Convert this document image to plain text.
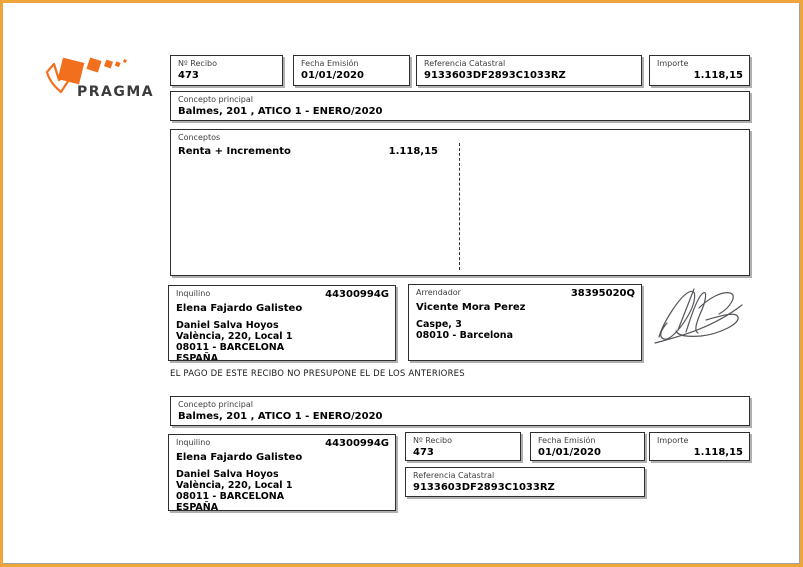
PRAGMA
Nº Recibo
473
Fecha Emisión
01/01/2020
Referencia Catastral
9133603DF2893C1033RZ
Importe
1.118,15
Concepto principal
Balmes, 201 , ATICO 1 - ENERO/2020
Conceptos
Renta + Incremento	1.118,15
Inquilino	44300994G
Elena Fajardo Galisteo
Daniel Salva Hoyos
València, 220, Local 1
08011 - BARCELONA
ESPAÑA
Arrendador	38395020Q
Vicente Mora Perez
Caspe, 3
08010 - Barcelona
EL PAGO DE ESTE RECIBO NO PRESUPONE EL DE LOS ANTERIORES
Concepto principal
Balmes, 201 , ATICO 1 - ENERO/2020
Inquilino	44300994G
Elena Fajardo Galisteo
Daniel Salva Hoyos
València, 220, Local 1
08011 - BARCELONA
ESPAÑA
Nº Recibo
473
Fecha Emisión
01/01/2020
Importe
1.118,15
Referencia Catastral
9133603DF2893C1033RZ
